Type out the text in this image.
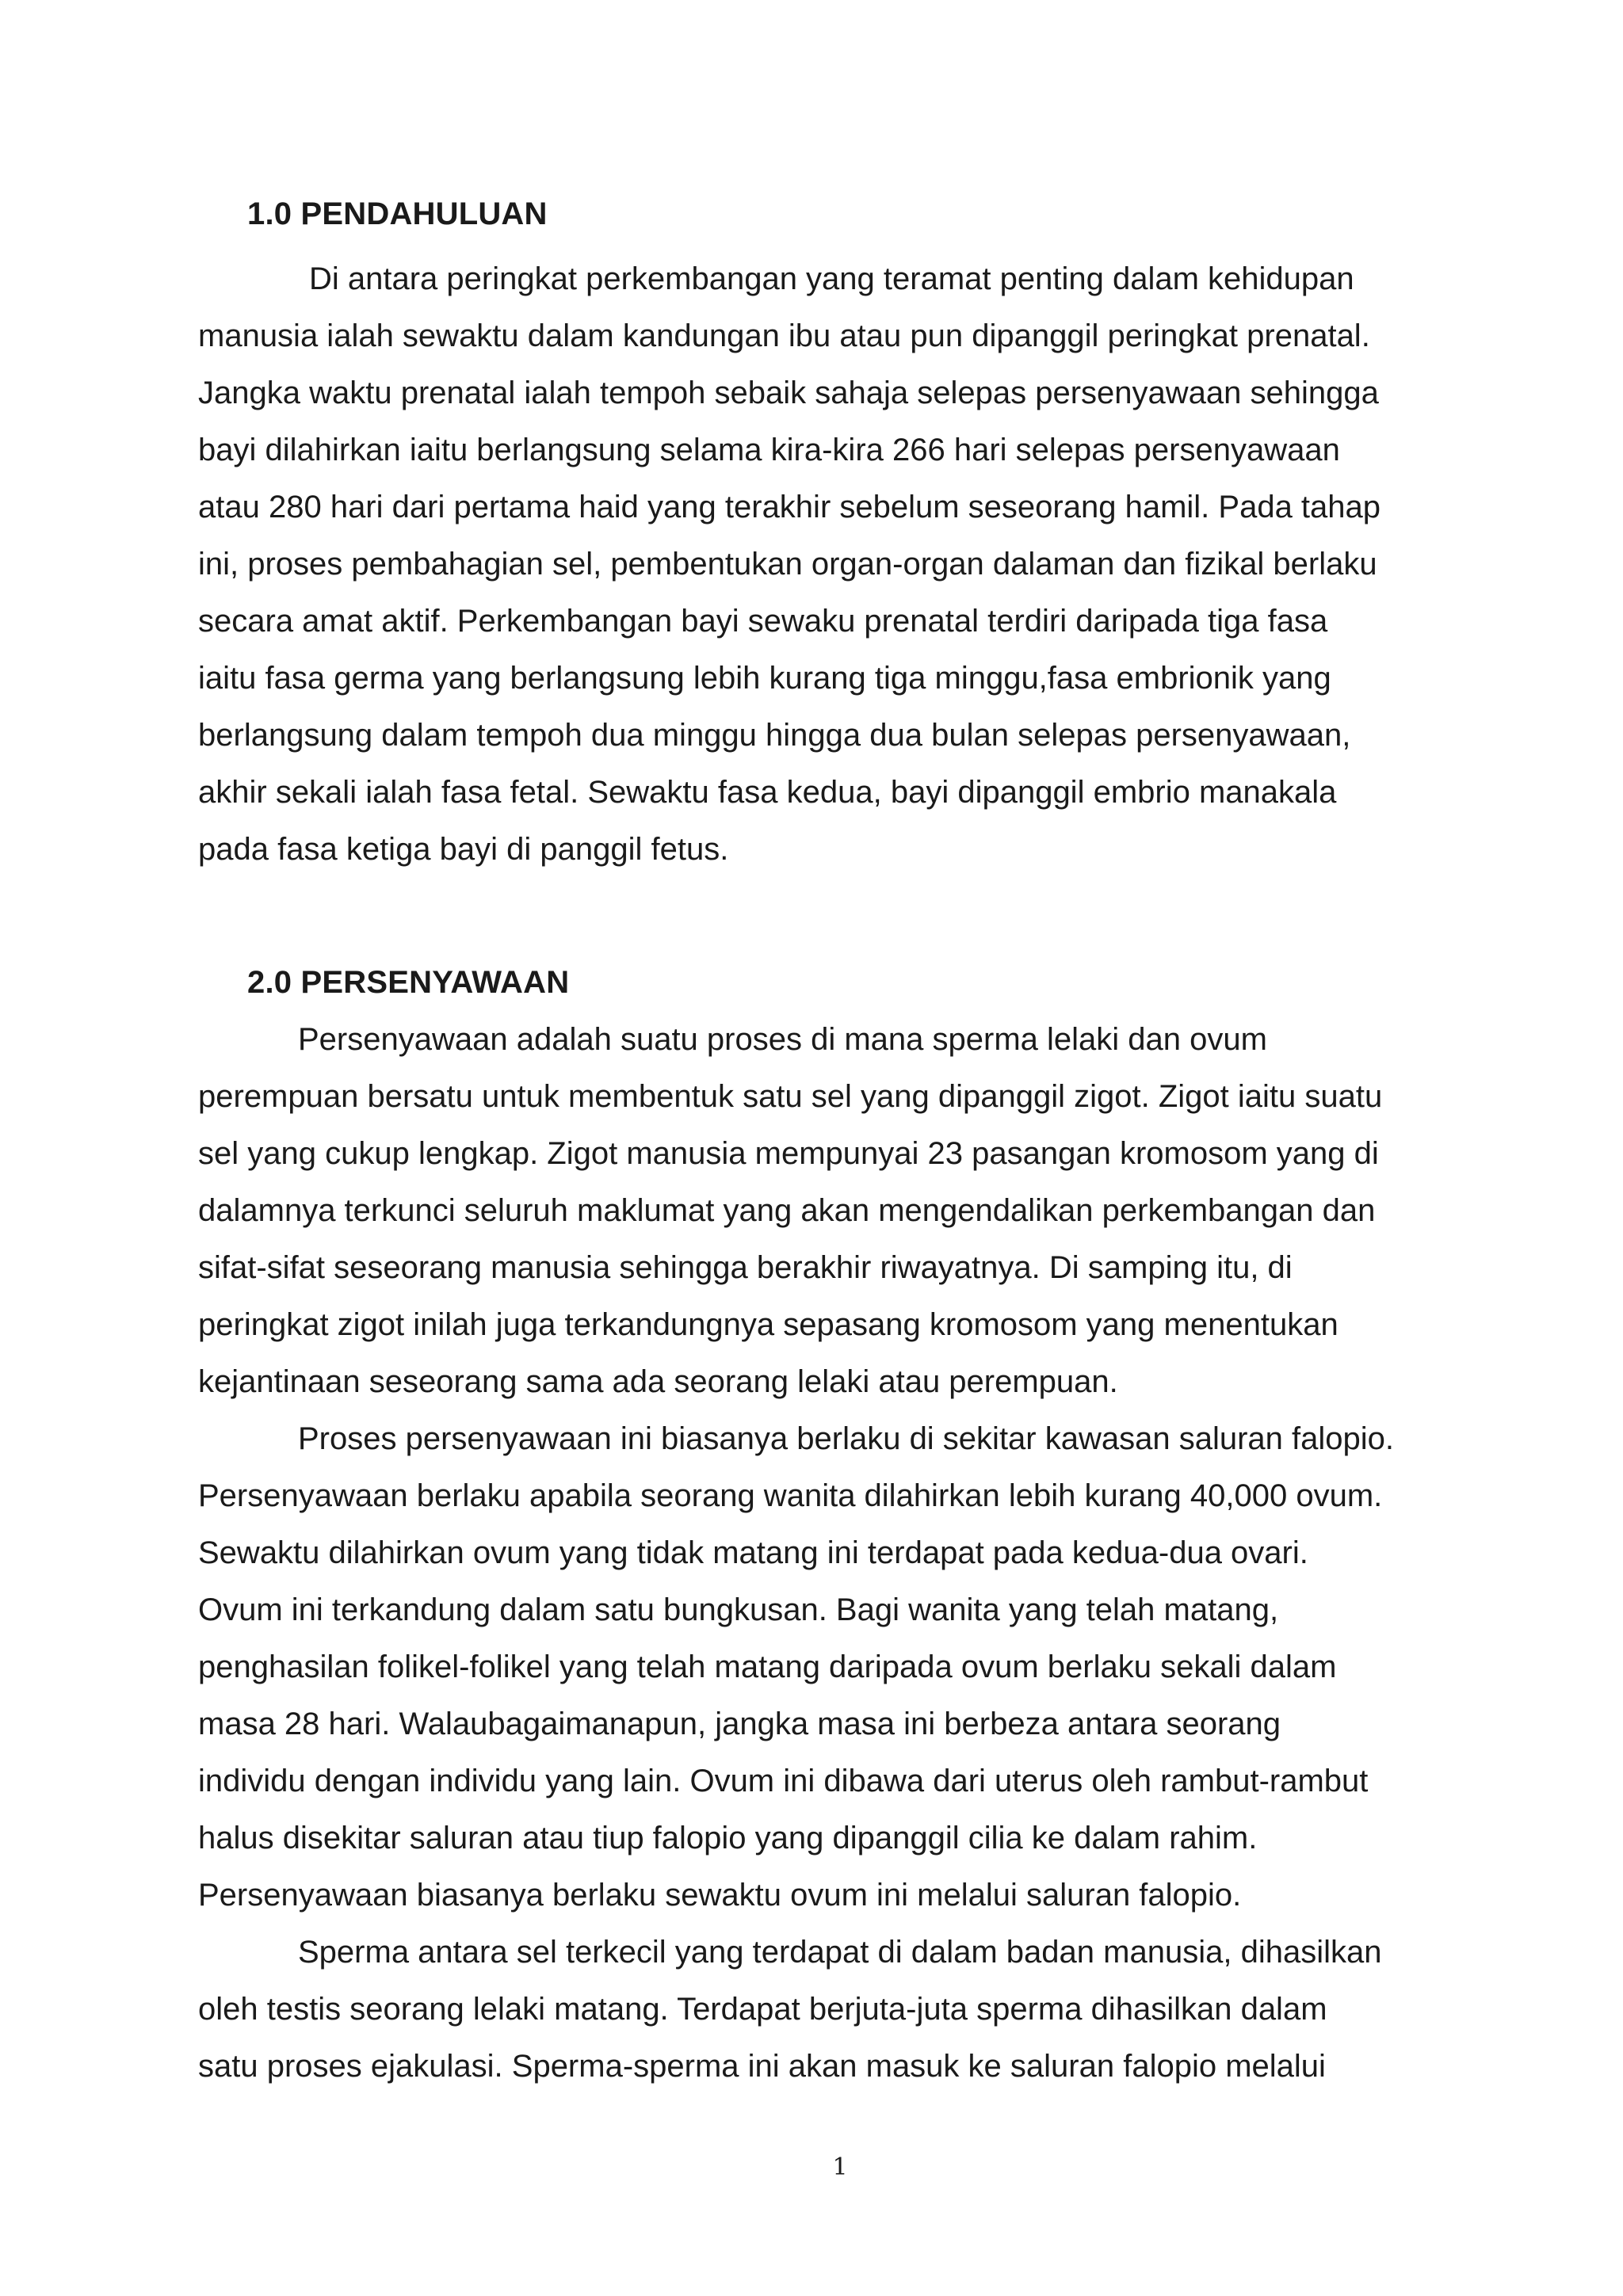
1.0 PENDAHULUAN

Di antara peringkat perkembangan yang teramat penting dalam kehidupan
manusia ialah sewaktu dalam kandungan ibu atau pun dipanggil peringkat prenatal.
Jangka waktu prenatal ialah tempoh sebaik sahaja selepas persenyawaan sehingga
bayi dilahirkan iaitu berlangsung selama kira-kira 266 hari selepas persenyawaan
atau 280 hari dari pertama haid yang terakhir sebelum seseorang hamil. Pada tahap
ini, proses pembahagian sel, pembentukan organ-organ dalaman dan fizikal berlaku
secara amat aktif. Perkembangan bayi sewaku prenatal terdiri daripada tiga fasa
iaitu fasa germa yang berlangsung lebih kurang tiga minggu,fasa embrionik yang
berlangsung dalam tempoh dua minggu hingga dua bulan selepas persenyawaan,
akhir sekali ialah fasa fetal. Sewaktu fasa kedua, bayi dipanggil embrio manakala
pada fasa ketiga bayi di panggil fetus.

2.0 PERSENYAWAAN

Persenyawaan adalah suatu proses di mana sperma lelaki dan ovum
perempuan bersatu untuk membentuk satu sel yang dipanggil zigot. Zigot iaitu suatu
sel yang cukup lengkap. Zigot manusia mempunyai 23 pasangan kromosom yang di
dalamnya terkunci seluruh maklumat yang akan mengendalikan perkembangan dan
sifat-sifat seseorang manusia sehingga berakhir riwayatnya. Di samping itu, di
peringkat zigot inilah juga terkandungnya sepasang kromosom yang menentukan
kejantinaan seseorang sama ada seorang lelaki atau perempuan.

Proses persenyawaan ini biasanya berlaku di sekitar kawasan saluran falopio.
Persenyawaan berlaku apabila seorang wanita dilahirkan lebih kurang 40,000 ovum.
Sewaktu dilahirkan ovum yang tidak matang ini terdapat pada kedua-dua ovari.
Ovum ini terkandung dalam satu bungkusan. Bagi wanita yang telah matang,
penghasilan folikel-folikel yang telah matang daripada ovum berlaku sekali dalam
masa 28 hari. Walaubagaimanapun, jangka masa ini berbeza antara seorang
individu dengan individu yang lain. Ovum ini dibawa dari uterus oleh rambut-rambut
halus disekitar saluran atau tiup falopio yang dipanggil cilia ke dalam rahim.
Persenyawaan biasanya berlaku sewaktu ovum ini melalui saluran falopio.

Sperma antara sel terkecil yang terdapat di dalam badan manusia, dihasilkan
oleh testis seorang lelaki matang. Terdapat berjuta-juta sperma dihasilkan dalam
satu proses ejakulasi. Sperma-sperma ini akan masuk ke saluran falopio melalui

1
